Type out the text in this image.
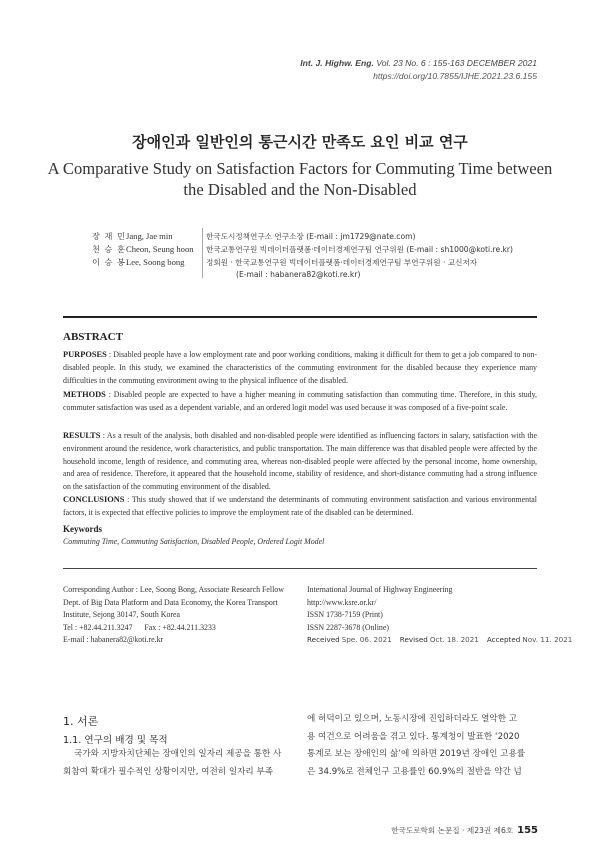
Int. J. Highw. Eng. Vol. 23 No. 6 : 155-163 DECEMBER 2021
https://doi.org/10.7855/IJHE.2021.23.6.155
장애인과 일반인의 통근시간 만족도 요인 비교 연구
A Comparative Study on Satisfaction Factors for Commuting Time between
the Disabled and the Non-Disabled
장 재 민Jang, Jae min	한국도시정책연구소 연구소장 (E-mail : jm1729@nate.com)
천 승 훈Cheon, Seung hoon 한국교통연구원 빅데이터플랫폼·데이터경제연구팀 연구위원 (E-mail : sh1000@koti.re.kr)
이 승 봉Lee, Soong bong	정회원 · 한국교통연구원 빅데이터플랫폼·데이터경제연구팀 부연구위원 · 교신저자
(E-mail : habanera82@koti.re.kr)
ABSTRACT
PURPOSES : Disabled people have a low employment rate and poor working conditions, making it difficult for them to get a job compared to non-disabled people. In this study, we examined the characteristics of the commuting environment for the disabled because they experience many difficulties in the commuting environment owing to the physical influence of the disabled.
METHODS : Disabled people are expected to have a higher meaning in commuting satisfaction than commuting time. Therefore, in this study, commuter satisfaction was used as a dependent variable, and an ordered logit model was used because it was composed of a five-point scale.
RESULTS : As a result of the analysis, both disabled and non-disabled people were identified as influencing factors in salary, satisfaction with the environment around the residence, work characteristics, and public transportation. The main difference was that disabled people were affected by the household income, length of residence, and commuting area, whereas non-disabled people were affected by the personal income, home ownership, and area of residence. Therefore, it appeared that the household income, stability of residence, and short-distance commuting had a strong influence on the satisfaction of the commuting environment of the disabled.
CONCLUSIONS : This study showed that if we understand the determinants of commuting environment satisfaction and various environmental factors, it is expected that effective policies to improve the employment rate of the disabled can be determined.
Keywords
Commuting Time, Commuting Satisfaction, Disabled People, Ordered Logit Model
Corresponding Author : Lee, Soong Bong, Associate Research Fellow
Dept. of Big Data Platform and Data Economy, the Korea Transport
Institute, Sejong 30147, South Korea
Tel : +82.44.211.3247      Fax : +82.44.211.3233
E-mail : habanera82@koti.re.kr
International Journal of Highway Engineering
http://www.ksre.or.kr/
ISSN 1738-7159 (Print)
ISSN 2287-3678 (Online)
Received Spe. 06. 2021 Revised Oct. 18. 2021 Accepted Nov. 11. 2021
1. 서론
1.1. 연구의 배경 및 목적
국가와 지방자치단체는 장애인의 일자리 제공을 통한 사
회참여 확대가 필수적인 상황이지만, 여전히 일자리 부족
에 허덕이고 있으며, 노동시장에 진입하더라도 열악한 고
용 여건으로 어려움을 겪고 있다. 통계청이 발표한 ‘2020
통계로 보는 장애인의 삶’에 의하면 2019년 장애인 고용률
은 34.9%로 전체인구 고용률인 60.9%의 절반을 약간 넘
한국도로학회 논문집 · 제23권 제6호 155
